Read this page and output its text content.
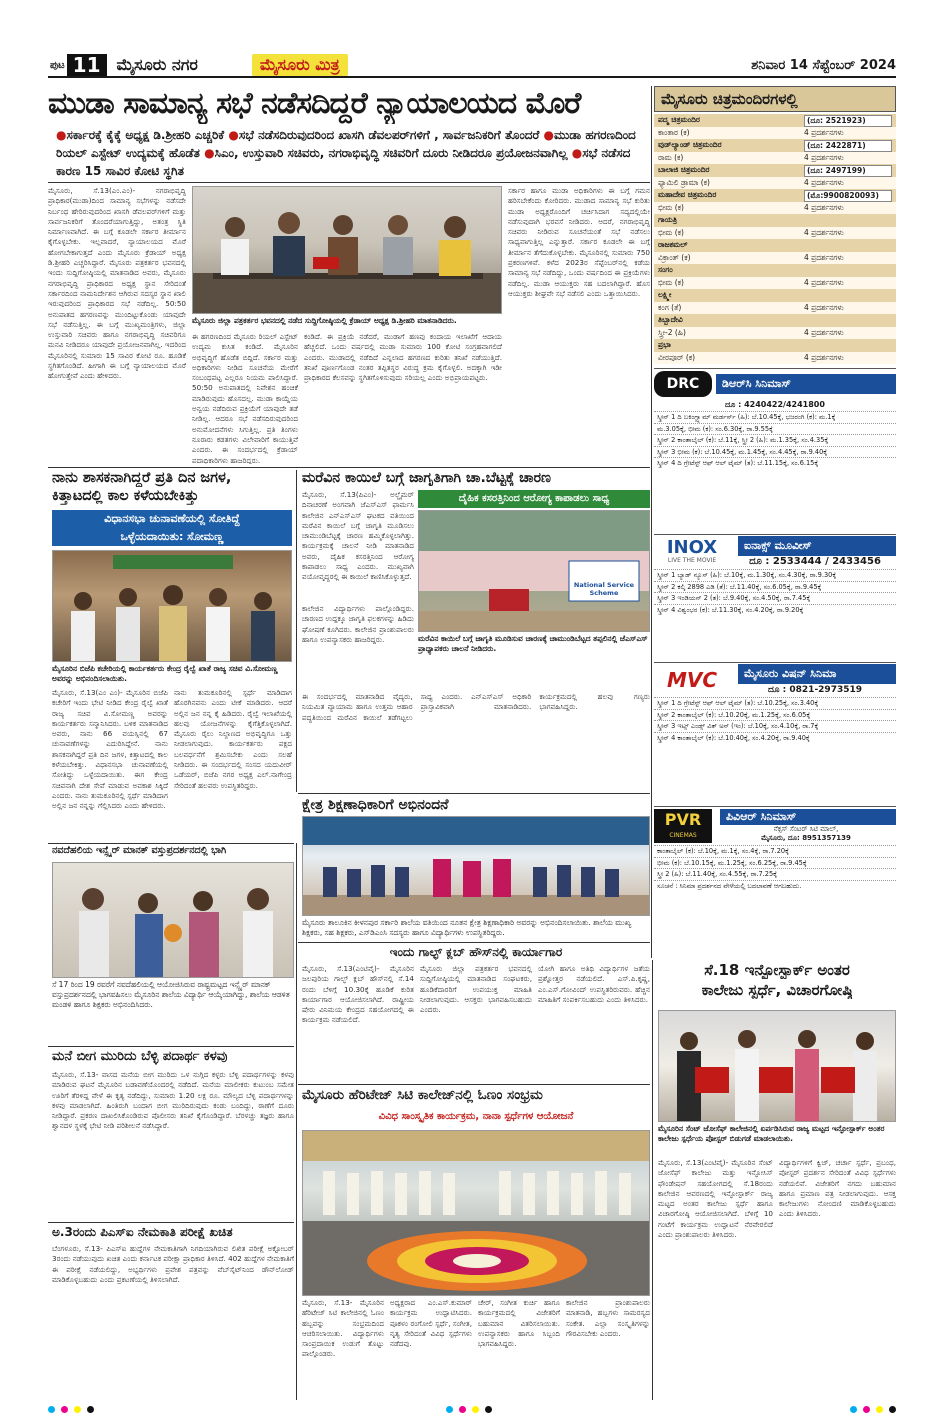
ಪುಟ 11	ಮೈಸೂರು ನಗರ	ಮೈಸೂರು ಮಿತ್ರ	ಶನಿವಾರ 14 ಸೆಪ್ಟೆಂಬರ್ 2024
ಮುಡಾ ಸಾಮಾನ್ಯ ಸಭೆ ನಡೆಸದಿದ್ದರೆ ನ್ಯಾಯಾಲಯದ ಮೊರೆ
●ಸರ್ಕಾರಕ್ಕೆ ಕೈಕ್ಕೆ ಅಧ್ಯಕ್ಷ ಡಿ.ಶ್ರೀಹರಿ ಎಚ್ಚರಿಕೆ ●ಸಭೆ ನಡೆಸದಿರುವುದರಿಂದ ಖಾಸಗಿ ಡೆವಲಪರ್‌ಗಳಿಗೆ , ಸಾರ್ವಜನಿಕರಿಗೆ ತೊಂದರೆ ●ಮುಡಾ ಹಗರಣದಿಂದ ರಿಯಲ್ ಎಸ್ಟೇಟ್ ಉದ್ಯಮಕ್ಕೆ ಹೊಡೆತ ●ಸಿಎಂ, ಉಸ್ತುವಾರಿ ಸಚಿವರು, ನಗರಾಭಿವೃದ್ಧಿ ಸಚಿವರಿಗೆ ದೂರು ನೀಡಿದರೂ ಪ್ರಯೋಜನವಾಗಿಲ್ಲ ●ಸಭೆ ನಡೆಸದ ಕಾರಣ 15 ಸಾವಿರ ಕೋಟಿ ಸ್ಥಗಿತ
ಮೈಸೂರು, ಸೆ.13(ಎಂ.ಎಂ)- ನಗರಾಭಿವೃದ್ಧಿ ಪ್ರಾಧಿಕಾರ(ಮುಡಾ)ದಿಂದ ಸಾಮಾನ್ಯ ಸಭೆಗಳನ್ನು ನಡೆಸದೇ ನಿರ್ಬಂಧ ಹೇರಿರುವುದರಿಂದ ಖಾಸಗಿ ಡೆವಲಪರ್‌ಗಳಿಗೆ ಮತ್ತು ಸಾರ್ವಜನಿಕರಿಗೆ ತೊಂದರೆಯಾಗುತ್ತಿದ್ದು, ಅತಂತ್ರ ಸ್ಥಿತಿ ನಿರ್ಮಾಣವಾಗಿದೆ. ಈ ಬಗ್ಗೆ ಕೂಡಲೇ ಸರ್ಕಾರ ತೀರ್ಮಾನ ಕೈಗೊಳ್ಳಬೇಕು. ಇಲ್ಲವಾದರೆ, ನ್ಯಾಯಾಲಯದ ಮೊರೆ ಹೋಗಬೇಕಾಗುತ್ತದೆ ಎಂದು ಮೈಸೂರು ಕ್ರೆಡಾಯ್ ಅಧ್ಯಕ್ಷ ಡಿ.ಶ್ರೀಹರಿ ಎಚ್ಚರಿಸಿದ್ದಾರೆ. ಮೈಸೂರು ಪತ್ರಕರ್ತರ ಭವನದಲ್ಲಿ ಇಂದು ಸುದ್ದಿಗೋಷ್ಠಿಯಲ್ಲಿ ಮಾತನಾಡಿದ ಅವರು, ಮೈಸೂರು ನಗರಾಭಿವೃದ್ಧಿ ಪ್ರಾಧಿಕಾರದ ಅಧ್ಯಕ್ಷ ಸ್ಥಾನ ಸೇರಿದಂತೆ ಸರ್ಕಾರದಿಂದ ನಾಮನಿರ್ದೇಶನ ಆಗಿರುವ ಸದಸ್ಯರ ಸ್ಥಾನ ಖಾಲಿ ಇರುವುದರಿಂದ ಪ್ರಾಧಿಕಾರದ ಸಭೆ ನಡೆದಿಲ್ಲ. 50:50 ಅನುಪಾತದ ಹಗರಣವನ್ನು ಮುಂದಿಟ್ಟುಕೊಂಡು ಯಾವುದೇ ಸಭೆ ನಡೆಸುತ್ತಿಲ್ಲ. ಈ ಬಗ್ಗೆ ಮುಖ್ಯಮಂತ್ರಿಗಳು, ಜಿಲ್ಲಾ ಉಸ್ತುವಾರಿ ಸಚಿವರು ಹಾಗೂ ನಗರಾಭಿವೃದ್ಧಿ ಸಚಿವರಿಗೂ ಮನವಿ ನೀಡಿದರೂ ಯಾವುದೇ ಪ್ರಯೋಜನವಾಗಿಲ್ಲ. ಇದರಿಂದ ಮೈಸೂರಿನಲ್ಲಿ ಸುಮಾರು 15 ಸಾವಿರ ಕೋಟಿ ರೂ. ಹೂಡಿಕೆ ಸ್ಥಗಿತಗೊಂಡಿದೆ. ಹೀಗಾಗಿ ಈ ಬಗ್ಗೆ ನ್ಯಾಯಾಲಯದ ಮೊರೆ ಹೋಗುತ್ತೇವೆ ಎಂದು ಹೇಳಿದರು.
ಮೈಸೂರು ಜಿಲ್ಲಾ ಪತ್ರಕರ್ತರ ಭವನದಲ್ಲಿ ನಡೆದ ಸುದ್ದಿಗೋಷ್ಠಿಯಲ್ಲಿ ಕ್ರೆಡಾಯ್ ಅಧ್ಯಕ್ಷ ಡಿ.ಶ್ರೀಹರಿ ಮಾತನಾಡಿದರು.
ಈ ಹಗರಣದಿಂದ ಮೈಸೂರು ರಿಯಲ್ ಎಸ್ಟೇಟ್ ಉದ್ಯಮ ಕುಸಿತ ಕಂಡಿದೆ. ಮೈಸೂರಿನ ಅಭಿವೃದ್ಧಿಗೆ ಹೊಡೆತ ಬಿದ್ದಿದೆ. ಸರ್ಕಾರ ಮತ್ತು ಅಧಿಕಾರಿಗಳು ನೀಡಿದ ಸೂಚನೆಯ ಮೇರೆಗೆ ಸಂಬಂಧಪಟ್ಟ ಎಲ್ಲರೂ ನಿಯಮ ಪಾಲಿಸಿದ್ದಾರೆ. 50:50 ಅನುಪಾತದಲ್ಲಿ ನಿವೇಶನ ಹಂಚಿಕೆ ಮಾಡಿರುವುದು ಹೊಸದಲ್ಲ. ಮುಡಾ ಕಾಯ್ದೆಯ ಅನ್ವಯ ನಡೆದಿರುವ ಪ್ರಕ್ರಿಯೆಗೆ ಯಾವುದೇ ತಡೆ ನೀಡಿಲ್ಲ. ಆದರೂ ಸಭೆ ನಡೆಸದಿರುವುದರಿಂದ ಅನುಮೋದನೆಗಳು ಸಿಗುತ್ತಿಲ್ಲ. ಪ್ರತಿ ತಿಂಗಳು ನೂರಾರು ಕಡತಗಳು ವಿಲೇವಾರಿಗೆ ಕಾಯುತ್ತಿವೆ ಎಂದರು. ಈ ಸಂದರ್ಭದಲ್ಲಿ ಕ್ರೆಡಾಯ್ ಪದಾಧಿಕಾರಿಗಳು ಹಾಜರಿದ್ದರು.
ಕಂಡಿದೆ. ಈ ಪ್ರಕ್ರಿಯೆ ನಡೆದರೆ, ಮುಡಾಗೆ ಹಣವು ಕಂದಾಯ ಇಲಾಖೆಗೆ ಆದಾಯ ಹೆಚ್ಚಲಿದೆ. ಒಂದು ವರ್ಷದಲ್ಲಿ ಮುಡಾ ಸುಮಾರು 100 ಕೋಟಿ ಸಂಗ್ರಹವಾಗಲಿದೆ ಎಂದರು. ಮುಡಾದಲ್ಲಿ ನಡೆದಿದೆ ಎನ್ನಲಾದ ಹಗರಣದ ಕುರಿತು ತನಿಖೆ ನಡೆಯುತ್ತಿದೆ. ತನಿಖೆ ಪೂರ್ಣಗೊಂಡ ನಂತರ ತಪ್ಪಿತಸ್ಥರ ವಿರುದ್ಧ ಕ್ರಮ ಕೈಗೊಳ್ಳಲಿ. ಅದಕ್ಕಾಗಿ ಇಡೀ ಪ್ರಾಧಿಕಾರದ ಕೆಲಸವನ್ನು ಸ್ಥಗಿತಗೊಳಿಸುವುದು ಸರಿಯಲ್ಲ ಎಂದು ಅಭಿಪ್ರಾಯಪಟ್ಟರು.
ಸರ್ಕಾರ ಹಾಗೂ ಮುಡಾ ಅಧಿಕಾರಿಗಳು ಈ ಬಗ್ಗೆ ಗಮನ ಹರಿಸಬೇಕೆಂದು ಕೋರಿದರು. ಮುಡಾದ ಸಾಮಾನ್ಯ ಸಭೆ ಕುರಿತು ಮುಡಾ ಅಧ್ಯಕ್ಷರೊಂದಿಗೆ ಚರ್ಚಿಸಿದಾಗ ಸದ್ಯದಲ್ಲಿಯೇ ನಡೆಸುವುದಾಗಿ ಭರವಸೆ ನೀಡಿದರು. ಆದರೆ, ನಗರಾಭಿವೃದ್ಧಿ ಸಚಿವರು ನೀಡಿರುವ ಸೂಚನೆಯಂತೆ ಸಭೆ ನಡೆಸಲು ಸಾಧ್ಯವಾಗುತ್ತಿಲ್ಲ ಎನ್ನುತ್ತಾರೆ. ಸರ್ಕಾರ ಕೂಡಲೇ ಈ ಬಗ್ಗೆ ತೀರ್ಮಾನ ತೆಗೆದುಕೊಳ್ಳಬೇಕು. ಮೈಸೂರಿನಲ್ಲಿ ಸುಮಾರು 750 ಪ್ರಕರಣಗಳಿವೆ. ಕಳೆದ 2023ರ ಸೆಪ್ಟೆಂಬರ್‌ನಲ್ಲಿ ಕಡೆಯ ಸಾಮಾನ್ಯ ಸಭೆ ನಡೆದಿದ್ದು, ಒಂದು ವರ್ಷದಿಂದ ಈ ಪ್ರಕ್ರಿಯೆಗಳು ನಡೆದಿಲ್ಲ. ಮುಡಾ ಆಯುಕ್ತರು ಸಹ ಬದಲಾಗಿದ್ದಾರೆ. ಹೊಸ ಆಯುಕ್ತರು ಶೀಘ್ರವೇ ಸಭೆ ನಡೆಸಲಿ ಎಂದು ಒತ್ತಾಯಿಸಿದರು.
ನಾನು ಶಾಸಕನಾಗಿದ್ದರೆ ಪ್ರತಿ ದಿನ ಜಗಳ,
ಕಿತ್ತಾಟದಲ್ಲಿ ಕಾಲ ಕಳೆಯಬೇಕಿತ್ತು
ವಿಧಾನಸಭಾ ಚುನಾವಣೆಯಲ್ಲಿ ಸೋತಿದ್ದೆ
ಒಳ್ಳೆಯದಾಯಿತು: ಸೋಮಣ್ಣ
ಮೈಸೂರಿನ ಬಿಜೆಪಿ ಕಚೇರಿಯಲ್ಲಿ ಕಾರ್ಯಕರ್ತರು ಕೇಂದ್ರ ರೈಲ್ವೆ ಖಾತೆ ರಾಜ್ಯ ಸಚಿವ ವಿ.ಸೋಮಣ್ಣ ಅವರನ್ನು ಅಭಿನಂದಿಸಲಾಯಿತು.
ಮೈಸೂರು, ಸೆ.13(ಎಂ ಎಂ)- ಮೈಸೂರಿನ ಬಿಜೆಪಿ ಕಚೇರಿಗೆ ಇಂದು ಭೇಟಿ ನೀಡಿದ ಕೇಂದ್ರ ರೈಲ್ವೆ ಖಾತೆ ರಾಜ್ಯ ಸಚಿವ ವಿ.ಸೋಮಣ್ಣ ಅವರನ್ನು ಕಾರ್ಯಕರ್ತರು ಸನ್ಮಾನಿಸಿದರು. ಬಳಿಕ ಮಾತನಾಡಿದ ಅವರು, ನಾನು 66 ವಯಸ್ಸಿನಲ್ಲಿ 67 ಚುನಾವಣೆಗಳನ್ನು ಎದುರಿಸಿದ್ದೇನೆ. ನಾನು ಶಾಸಕನಾಗಿದ್ದರೆ ಪ್ರತಿ ದಿನ ಜಗಳ, ಕಿತ್ತಾಟದಲ್ಲಿ ಕಾಲ ಕಳೆಯಬೇಕಿತ್ತು. ವಿಧಾನಸಭಾ ಚುನಾವಣೆಯಲ್ಲಿ ಸೋತಿದ್ದು ಒಳ್ಳೆಯದಾಯಿತು. ಈಗ ಕೇಂದ್ರ ಸಚಿವನಾಗಿ ದೇಶ ಸೇವೆ ಮಾಡುವ ಅವಕಾಶ ಸಿಕ್ಕಿದೆ ಎಂದರು. ನಾನು ತುಮಕೂರಿನಲ್ಲಿ ಸ್ಪರ್ಧೆ ಮಾಡಿದಾಗ ಅಲ್ಲಿನ ಜನ ನನ್ನನ್ನು ಗೆಲ್ಲಿಸಿದರು ಎಂದು ಹೇಳಿದರು.
ನಾನು ತುಮಕೂರಿನಲ್ಲಿ ಸ್ಪರ್ಧೆ ಮಾಡಿದಾಗ ಹೊರಗಿನವನು ಎಂದು ಟೀಕೆ ಮಾಡಿದರು. ಆದರೆ ಅಲ್ಲಿನ ಜನ ನನ್ನ ಕೈ ಹಿಡಿದರು. ರೈಲ್ವೆ ಇಲಾಖೆಯಲ್ಲಿ ಹಲವು ಯೋಜನೆಗಳನ್ನು ಕೈಗೆತ್ತಿಕೊಳ್ಳಲಾಗಿದೆ. ಮೈಸೂರು ರೈಲು ನಿಲ್ದಾಣದ ಅಭಿವೃದ್ಧಿಗೂ ಒತ್ತು ನೀಡಲಾಗುವುದು. ಕಾರ್ಯಕರ್ತರು ಪಕ್ಷದ ಬಲವರ್ಧನೆಗೆ ಶ್ರಮಿಸಬೇಕು ಎಂದು ಸಲಹೆ ನೀಡಿದರು. ಈ ಸಂದರ್ಭದಲ್ಲಿ ಸಂಸದ ಯದುವೀರ್ ಒಡೆಯರ್, ಬಿಜೆಪಿ ನಗರ ಅಧ್ಯಕ್ಷ ಎಲ್.ನಾಗೇಂದ್ರ ಸೇರಿದಂತೆ ಹಲವರು ಉಪಸ್ಥಿತರಿದ್ದರು.
ಮರೆವಿನ ಕಾಯಿಲೆ ಬಗ್ಗೆ ಜಾಗೃತಿಗಾಗಿ ಚಾ.ಬೆಟ್ಟಕ್ಕೆ ಚಾರಣ
ಮೈಸೂರು, ಸೆ.13(ಪಿಎಂ)- ಅಲ್ಜೈಮರ್ ದಿನಾಚರಣೆ ಅಂಗವಾಗಿ ಜೆಎಸ್‌ಎಸ್ ಫಾರ್ಮಸಿ ಕಾಲೇಜಿನ ಎನ್‌ಎಸ್‌ಎಸ್ ಘಟಕದ ವತಿಯಿಂದ ಮರೆವಿನ ಕಾಯಿಲೆ ಬಗ್ಗೆ ಜಾಗೃತಿ ಮೂಡಿಸಲು ಚಾಮುಂಡಿಬೆಟ್ಟಕ್ಕೆ ಚಾರಣ ಹಮ್ಮಿಕೊಳ್ಳಲಾಗಿತ್ತು. ಕಾರ್ಯಕ್ರಮಕ್ಕೆ ಚಾಲನೆ ನೀಡಿ ಮಾತನಾಡಿದ ಅವರು, ದೈಹಿಕ ಕಸರತ್ತಿನಿಂದ ಆರೋಗ್ಯ ಕಾಪಾಡಲು ಸಾಧ್ಯ ಎಂದರು. ಮುಖ್ಯವಾಗಿ ವಯೋವೃದ್ಧರಲ್ಲಿ ಈ ಕಾಯಿಲೆ ಕಾಣಿಸಿಕೊಳ್ಳುತ್ತದೆ.
ದೈಹಿಕ ಕಸರತ್ತಿನಿಂದ ಆರೋಗ್ಯ ಕಾಪಾಡಲು ಸಾಧ್ಯ
National Service Scheme
ಮರೆವಿನ ಕಾಯಿಲೆ ಬಗ್ಗೆ ಜಾಗೃತಿ ಮೂಡಿಸುವ ಚಾರಣಕ್ಕೆ ಚಾಮುಂಡಿಬೆಟ್ಟದ ತಪ್ಪಲಿನಲ್ಲಿ ಜೆಎಸ್‌ಎಸ್ ಪ್ರಾಧ್ಯಾಪಕರು ಚಾಲನೆ ನೀಡಿದರು.
ಕಾಲೇಜಿನ ವಿದ್ಯಾರ್ಥಿಗಳು ಪಾಲ್ಗೊಂಡಿದ್ದರು. ಚಾರಣದ ಉದ್ದಕ್ಕೂ ಜಾಗೃತಿ ಫಲಕಗಳನ್ನು ಹಿಡಿದು ಘೋಷಣೆ ಕೂಗಿದರು. ಕಾಲೇಜಿನ ಪ್ರಾಂಶುಪಾಲರು ಹಾಗೂ ಉಪನ್ಯಾಸಕರು ಹಾಜರಿದ್ದರು.
ಈ ಸಂದರ್ಭದಲ್ಲಿ ಮಾತನಾಡಿದ ವೈದ್ಯರು, ನಿಯಮಿತ ವ್ಯಾಯಾಮ ಹಾಗೂ ಉತ್ತಮ ಆಹಾರ ಪದ್ಧತಿಯಿಂದ ಮರೆವಿನ ಕಾಯಿಲೆ ತಡೆಗಟ್ಟಲು ಸಾಧ್ಯ ಎಂದರು. ಎನ್‌ಎಸ್‌ಎಸ್ ಅಧಿಕಾರಿ ಪ್ರಾಸ್ತಾವಿಕವಾಗಿ ಮಾತನಾಡಿದರು. ಕಾರ್ಯಕ್ರಮದಲ್ಲಿ ಹಲವು ಗಣ್ಯರು ಭಾಗವಹಿಸಿದ್ದರು.
ಕ್ಷೇತ್ರ ಶಿಕ್ಷಣಾಧಿಕಾರಿಗೆ ಅಭಿನಂದನೆ
ಮೈಸೂರು ತಾಲೂಕಿನ ಕೀಳನಪುರ ಸರ್ಕಾರಿ ಶಾಲೆಯ ವತಿಯಿಂದ ನೂತನ ಕ್ಷೇತ್ರ ಶಿಕ್ಷಣಾಧಿಕಾರಿ ಅವರನ್ನು ಅಭಿನಂದಿಸಲಾಯಿತು. ಶಾಲೆಯ ಮುಖ್ಯ ಶಿಕ್ಷಕರು, ಸಹ ಶಿಕ್ಷಕರು, ಎಸ್‌ಡಿಎಂಸಿ ಸದಸ್ಯರು ಹಾಗೂ ವಿದ್ಯಾರ್ಥಿಗಳು ಉಪಸ್ಥಿತರಿದ್ದರು.
ನವದೆಹಲಿಯ ಇನ್ಸ್ಪೈರ್ ಮಾನಕ್ ವಸ್ತುಪ್ರದರ್ಶನದಲ್ಲಿ ಭಾಗಿ
ಸೆ 17 ರಿಂದ 19 ರವರೆಗೆ ನವದೆಹಲಿಯಲ್ಲಿ ಆಯೋಜಿಸಿರುವ ರಾಷ್ಟ್ರಮಟ್ಟದ ಇನ್ಸ್ಪೈರ್ ಮಾನಕ್ ವಸ್ತುಪ್ರದರ್ಶನದಲ್ಲಿ ಭಾಗವಹಿಸಲು ಮೈಸೂರಿನ ಶಾಲೆಯ ವಿದ್ಯಾರ್ಥಿ ಆಯ್ಕೆಯಾಗಿದ್ದು, ಶಾಲೆಯ ಆಡಳಿತ ಮಂಡಳಿ ಹಾಗೂ ಶಿಕ್ಷಕರು ಅಭಿನಂದಿಸಿದರು.
ಮನೆ ಬೀಗ ಮುರಿದು ಬೆಳ್ಳಿ ಪದಾರ್ಥ ಕಳವು
ಮೈಸೂರು, ಸೆ.13- ವಾಸದ ಮನೆಯ ಬೀಗ ಮುರಿದು ಒಳ ನುಗ್ಗಿದ ಕಳ್ಳರು ಬೆಳ್ಳಿ ಪದಾರ್ಥಗಳನ್ನು ಕಳವು ಮಾಡಿರುವ ಘಟನೆ ಮೈಸೂರಿನ ಬಡಾವಣೆಯೊಂದರಲ್ಲಿ ನಡೆದಿದೆ. ಮನೆಯ ಮಾಲೀಕರು ಕುಟುಂಬ ಸಮೇತ ಊರಿಗೆ ತೆರಳಿದ್ದ ವೇಳೆ ಈ ಕೃತ್ಯ ನಡೆದಿದ್ದು, ಸುಮಾರು 1.20 ಲಕ್ಷ ರೂ. ಮೌಲ್ಯದ ಬೆಳ್ಳಿ ಪದಾರ್ಥಗಳನ್ನು ಕಳವು ಮಾಡಲಾಗಿದೆ. ಹಿಂತಿರುಗಿ ಬಂದಾಗ ಬೀಗ ಮುರಿದಿರುವುದು ಕಂಡು ಬಂದಿದ್ದು, ಠಾಣೆಗೆ ದೂರು ನೀಡಿದ್ದಾರೆ. ಪ್ರಕರಣ ದಾಖಲಿಸಿಕೊಂಡಿರುವ ಪೊಲೀಸರು ತನಿಖೆ ಕೈಗೊಂಡಿದ್ದಾರೆ. ಬೆರಳಚ್ಚು ತಜ್ಞರು ಹಾಗೂ ಶ್ವಾನದಳ ಸ್ಥಳಕ್ಕೆ ಭೇಟಿ ನೀಡಿ ಪರಿಶೀಲನೆ ನಡೆಸಿದ್ದಾರೆ.
ಅ.3ರಂದು ಪಿಎಸ್‌ಐ ನೇಮಕಾತಿ ಪರೀಕ್ಷೆ ಖಚಿತ
ಬೆಂಗಳೂರು, ಸೆ.13- ಪಿಎಸ್‌ಐ ಹುದ್ದೆಗಳ ನೇಮಕಾತಿಗಾಗಿ ನಿಗದಿಯಾಗಿರುವ ಲಿಖಿತ ಪರೀಕ್ಷೆ ಅಕ್ಟೋಬರ್ 3ರಂದು ನಡೆಯುವುದು ಖಚಿತ ಎಂದು ಕರ್ನಾಟಕ ಪರೀಕ್ಷಾ ಪ್ರಾಧಿಕಾರ ತಿಳಿಸಿದೆ. 402 ಹುದ್ದೆಗಳ ನೇಮಕಾತಿಗೆ ಈ ಪರೀಕ್ಷೆ ನಡೆಯಲಿದ್ದು, ಅಭ್ಯರ್ಥಿಗಳು ಪ್ರವೇಶ ಪತ್ರವನ್ನು ವೆಬ್‌ಸೈಟ್‌ನಿಂದ ಡೌನ್‌ಲೋಡ್ ಮಾಡಿಕೊಳ್ಳಬಹುದು ಎಂದು ಪ್ರಕಟಣೆಯಲ್ಲಿ ತಿಳಿಸಲಾಗಿದೆ.
ಇಂದು ಗಾಲ್ಫ್ ಕ್ಲಬ್ ಹೌಸ್‌ನಲ್ಲಿ ಕಾರ್ಯಾಗಾರ
ಮೈಸೂರು, ಸೆ.13(ಎಂಟಿವೈ)- ಮೈಸೂರಿನ ಜಲಪುರಿಯ ಗಾಲ್ಫ್ ಕ್ಲಬ್ ಹೌಸ್‌ನಲ್ಲಿ ಸೆ.14 ರಂದು ಬೆಳಿಗ್ಗೆ 10.30ಕ್ಕೆ ಹೂಡಿಕೆ ಕುರಿತ ಕಾರ್ಯಾಗಾರ ಆಯೋಜಿಸಲಾಗಿದೆ. ರಾಷ್ಟ್ರೀಯ ಷೇರು ವಿನಿಮಯ ಕೇಂದ್ರದ ಸಹಯೋಗದಲ್ಲಿ ಈ ಕಾರ್ಯಕ್ರಮ ನಡೆಯಲಿದೆ.
ಮೈಸೂರು ಜಿಲ್ಲಾ ಪತ್ರಕರ್ತರ ಭವನದಲ್ಲಿ ಸುದ್ದಿಗೋಷ್ಠಿಯಲ್ಲಿ ಮಾತನಾಡಿದ ಸಂಘಟಕರು, ಹೂಡಿಕೆದಾರರಿಗೆ ಉಪಯುಕ್ತ ಮಾಹಿತಿ ನೀಡಲಾಗುವುದು. ಆಸಕ್ತರು ಭಾಗವಹಿಸಬಹುದು ಎಂದರು.
ಯೋಗಿ ಹಾಗೂ ಅತಿಥಿ ವಿದ್ಯಾರ್ಥಿಗಳ ಜತೆಯ ಪ್ರಶ್ನೋತ್ತರ ನಡೆಯಲಿದೆ. ಎಸ್.ಪಿ.ಕೃಷ್ಣ, ಎಂ.ಎಸ್.ಗೋವಿಂದ್ ಉಪಸ್ಥಿತರಿರುವರು. ಹೆಚ್ಚಿನ ಮಾಹಿತಿಗೆ ಸಂಪರ್ಕಿಸಬಹುದು ಎಂದು ತಿಳಿಸಿದರು.
ಮೈಸೂರು ಹೆರಿಟೇಜ್ ಸಿಟಿ ಕಾಲೇಜ್‌ನಲ್ಲಿ ಓಣಂ ಸಂಭ್ರಮ
ವಿವಿಧ ಸಾಂಸ್ಕೃತಿಕ ಕಾರ್ಯಕ್ರಮ, ನಾನಾ ಸ್ಪರ್ಧೆಗಳ ಆಯೋಜನೆ
ಮೈಸೂರು, ಸೆ.13- ಮೈಸೂರಿನ ಹೆರಿಟೇಜ್ ಸಿಟಿ ಕಾಲೇಜಿನಲ್ಲಿ ಓಣಂ ಹಬ್ಬವನ್ನು ಸಂಭ್ರಮದಿಂದ ಆಚರಿಸಲಾಯಿತು. ವಿದ್ಯಾರ್ಥಿಗಳು ಸಾಂಪ್ರದಾಯಿಕ ಉಡುಗೆ ತೊಟ್ಟು ಪಾಲ್ಗೊಂಡರು.
ಅಧ್ಯಕ್ಷರಾದ ಎಂ.ಎಸ್.ಕುಮಾರ್ ಕಾರ್ಯಕ್ರಮ ಉದ್ಘಾಟಿಸಿದರು. ಪೂಕಳಂ ರಂಗೋಲಿ ಸ್ಪರ್ಧೆ, ಸಂಗೀತ, ನೃತ್ಯ ಸೇರಿದಂತೆ ವಿವಿಧ ಸ್ಪರ್ಧೆಗಳು ನಡೆದವು.
ಚೇರ್, ಸಂಗೀತ ಕುರ್ಚಿ ಹಾಗೂ ಕಾರ್ಯಕ್ರಮದಲ್ಲಿ ವಿಜೇತರಿಗೆ ಬಹುಮಾನ ವಿತರಿಸಲಾಯಿತು. ಉಪನ್ಯಾಸಕರು ಹಾಗೂ ಸಿಬ್ಬಂದಿ ಭಾಗವಹಿಸಿದ್ದರು.
ಕಾಲೇಜಿನ ಪ್ರಾಂಶುಪಾಲರು ಮಾತನಾಡಿ, ಹಬ್ಬಗಳು ಸಾಮರಸ್ಯದ ಸಂಕೇತ. ಎಲ್ಲಾ ಸಂಸ್ಕೃತಿಗಳನ್ನು ಗೌರವಿಸಬೇಕು ಎಂದರು.
ಸೆ.18 ಇನ್ಫೋಸ್ಪಾರ್ಕ್ ಅಂತರ
ಕಾಲೇಜು ಸ್ಪರ್ಧೆ, ವಿಚಾರಗೋಷ್ಠಿ
ಮೈಸೂರಿನ ಸೆಂಟ್ ಜೋಸೆಫ್ ಕಾಲೇಜಿನಲ್ಲಿ ಏರ್ಪಡಿಸಿರುವ ರಾಜ್ಯ ಮಟ್ಟದ ಇನ್ಫೋಸ್ಪಾರ್ಕ್ ಅಂತರ ಕಾಲೇಜು ಸ್ಪರ್ಧೆಯ ಪೋಸ್ಟರ್ ಬಿಡುಗಡೆ ಮಾಡಲಾಯಿತು.
ಮೈಸೂರು, ಸೆ.13(ಎಂಟಿವೈ)- ಮೈಸೂರಿನ ಸೆಂಟ್ ಜೋಸೆಫ್ ಕಾಲೇಜು ಮತ್ತು ಇನ್ಫೋಸಿಸ್ ಫೌಂಡೇಷನ್ ಸಹಯೋಗದಲ್ಲಿ ಸೆ.18ರಂದು ಕಾಲೇಜಿನ ಆವರಣದಲ್ಲಿ ಇನ್ಫೋಸ್ಪಾರ್ಕ್ ರಾಜ್ಯ ಮಟ್ಟದ ಅಂತರ ಕಾಲೇಜು ಸ್ಪರ್ಧೆ ಹಾಗೂ ವಿಚಾರಗೋಷ್ಠಿ ಆಯೋಜಿಸಲಾಗಿದೆ. ಬೆಳಿಗ್ಗೆ 10 ಗಂಟೆಗೆ ಕಾರ್ಯಕ್ರಮ ಉದ್ಘಾಟನೆ ನೆರವೇರಲಿದೆ ಎಂದು ಪ್ರಾಂಶುಪಾಲರು ತಿಳಿಸಿದರು.
ವಿದ್ಯಾರ್ಥಿಗಳಿಗೆ ಕ್ವಿಜ್, ಚರ್ಚಾ ಸ್ಪರ್ಧೆ, ಪ್ರಬಂಧ, ಪೋಸ್ಟರ್ ಪ್ರದರ್ಶನ ಸೇರಿದಂತೆ ವಿವಿಧ ಸ್ಪರ್ಧೆಗಳು ನಡೆಯಲಿವೆ. ವಿಜೇತರಿಗೆ ನಗದು ಬಹುಮಾನ ಹಾಗೂ ಪ್ರಮಾಣ ಪತ್ರ ನೀಡಲಾಗುವುದು. ಆಸಕ್ತ ಕಾಲೇಜುಗಳು ನೋಂದಣಿ ಮಾಡಿಕೊಳ್ಳಬಹುದು ಎಂದು ತಿಳಿಸಿದರು.
ಮೈಸೂರು ಚಿತ್ರಮಂದಿರಗಳಲ್ಲಿ
ಪದ್ಮ ಚಿತ್ರಮಂದಿರ	(ದೂ: 2521923)
ಕಾಂತಾರ (ಕ)	4 ಪ್ರದರ್ಶನಗಳು
ವುಡ್‌ಲ್ಯಾಂಡ್ ಚಿತ್ರಮಂದಿರ	(ದೂ: 2422871)
ರಾಮ (ಕ)	4 ಪ್ರದರ್ಶನಗಳು
ಬಾಲಾಜಿ ಚಿತ್ರಮಂದಿರ	(ದೂ: 2497199)
ಫ್ಯಾಮಿಲಿ ಡ್ರಾಮಾ (ಕ)	4 ಪ್ರದರ್ಶನಗಳು
ಮಹಾದೇವ ಚಿತ್ರಮಂದಿರ	(ಮೊ:9900820093)
ಭೀಮ (ಕ)	4 ಪ್ರದರ್ಶನಗಳು
ಗಾಯತ್ರಿ
ಭೀಮ (ಕ)	4 ಪ್ರದರ್ಶನಗಳು
ರಾಜಕಮಲ್
ವಿಕ್ರಾಂತ್ (ಕ)	4 ಪ್ರದರ್ಶನಗಳು
ಸಂಗಂ
ಭೀಮ (ಕ)	4 ಪ್ರದರ್ಶನಗಳು
ಲಕ್ಷ್ಮೀ
ಕಂಗ (ತೆ)	4 ಪ್ರದರ್ಶನಗಳು
ತಿಬ್ಬಾದೇವಿ
ಸ್ತ್ರೀ-2 (ಹಿ)	4 ಪ್ರದರ್ಶನಗಳು
ಪ್ರಭಾ
ವೀರಪೂರ್ (ಕ)	4 ಪ್ರದರ್ಶನಗಳು
DRC	ಡಿಆರ್‌ಸಿ ಸಿನಿಮಾಸ್
ದೂ : 4240422/4241800
ಸ್ಕ್ರೀನ್ 1 ದಿ ಬಕಿಂಗ್ಹ್ಯಾಮ್ ಮರ್ಡರ್ಸ್ (ಹಿ): ಬೆ.10.45ಕ್ಕೆ, ಭಜರಂಗಿ (ಕ): ಮ.1ಕ್ಕೆ
ಮ.3.05ಕ್ಕೆ, ಭೀಮ (ಕ): ಸಂ.6.30ಕ್ಕೆ, ರಾ.9.55ಕ್ಕೆ
ಸ್ಕ್ರೀನ್ 2 ಕಾಂತಾಬೈಲ್ (ಕ): ಬೆ.11ಕ್ಕೆ, ಸ್ತ್ರೀ 2 (ಹಿ): ಮ.1.35ಕ್ಕೆ, ಸಂ.4.35ಕ್ಕೆ
ಸ್ಕ್ರೀನ್ 3 ಭೀಮ (ಕ): ಬೆ.10.45ಕ್ಕೆ, ಮ.1.45ಕ್ಕೆ, ಸಂ.4.45ಕ್ಕೆ, ರಾ.9.40ಕ್ಕೆ
ಸ್ಕ್ರೀನ್ 4 ದಿ ಗ್ರೇಟೆಸ್ಟ್ ಆಫ್ ಆಲ್ ಟೈಮ್ (ತ): ಬೆ.11.15ಕ್ಕೆ, ಸಂ.6.15ಕ್ಕೆ
INOX
LIVE THE MOVIE
ಐನಾಕ್ಸ್ ಮೂವೀಸ್
ದೂ : 2533444 / 2433456
ಸ್ಕ್ರೀನ್ 1 ಬ್ಯಾಡ್ ನ್ಯೂಸ್ (ಹಿ): ಬೆ.10ಕ್ಕೆ, ಮ.1.30ಕ್ಕೆ, ಸಂ.4.30ಕ್ಕೆ, ರಾ.9.30ಕ್ಕೆ
ಸ್ಕ್ರೀನ್ 2 ಕಲ್ಕಿ 2898 ಎಡಿ (ತೆ): ಬೆ.11.40ಕ್ಕೆ, ಸಂ.6.05ಕ್ಕೆ, ರಾ.9.45ಕ್ಕೆ
ಸ್ಕ್ರೀನ್ 3 ಇಂಡಿಯನ್ 2 (ತ): ಬೆ.9.40ಕ್ಕೆ, ಸಂ.4.50ಕ್ಕೆ, ರಾ.7.45ಕ್ಕೆ
ಸ್ಕ್ರೀನ್ 4 ವಿಶ್ವಂಭರ (ಕ): ಬೆ.11.30ಕ್ಕೆ, ಸಂ.4.20ಕ್ಕೆ, ರಾ.9.20ಕ್ಕೆ
MVC	ಮೈಸೂರು ವಿಷನ್ ಸಿನಿಮಾ
ದೂ : 0821-2973519
ಸ್ಕ್ರೀನ್ 1 ದಿ ಗ್ರೇಟೆಸ್ಟ್ ಆಫ್ ಆಲ್ ಟೈಮ್ (ತ): ಬೆ.10.25ಕ್ಕೆ, ಸಂ.3.40ಕ್ಕೆ
ಸ್ಕ್ರೀನ್ 2 ಕಾಂತಾಬೈಲ್ (ಕ): ಬೆ.10.20ಕ್ಕೆ, ಮ.1.25ಕ್ಕೆ, ಸಂ.6.05ಕ್ಕೆ
ಸ್ಕ್ರೀನ್ 3 ಇಟ್ಸ್ ಎಂಡ್ಸ್ ವಿತ್ ಅಸ್ (ಇಂ): ಬೆ.10ಕ್ಕೆ, ಸಂ.4.10ಕ್ಕೆ, ರಾ.7ಕ್ಕೆ
ಸ್ಕ್ರೀನ್ 4 ಕಾಂತಾಬೈಲ್ (ಕ): ಬೆ.10.40ಕ್ಕೆ, ಸಂ.4.20ಕ್ಕೆ, ರಾ.9.40ಕ್ಕೆ
PVR
CINEMAS
ಪಿವಿಆರ್ ಸಿನಿಮಾಸ್
ನೆಕ್ಸಸ್ ಸೆಂಟರ್ ಸಿಟಿ ಮಾಲ್,
ಮೈಸೂರು, ದೂ: 8951357139
ಕಾಂತಾಬೈಲ್ (ಕ): ಬೆ.10ಕ್ಕೆ, ಮ.1ಕ್ಕೆ, ಸಂ.4ಕ್ಕೆ, ರಾ.7.20ಕ್ಕೆ
ಭೀಮ (ಕ): ಬೆ.10.15ಕ್ಕೆ, ಮ.1.25ಕ್ಕೆ, ಸಂ.6.25ಕ್ಕೆ, ರಾ.9.45ಕ್ಕೆ
ಸ್ತ್ರೀ 2 (ಹಿ): ಬೆ.11.40ಕ್ಕೆ, ಸಂ.4.55ಕ್ಕೆ, ರಾ.7.25ಕ್ಕೆ
ಸೂಚನೆ : ಸಿನಿಮಾ ಪ್ರದರ್ಶನದ ವೇಳೆಯಲ್ಲಿ ಬದಲಾವಣೆ ಆಗಬಹುದು.
